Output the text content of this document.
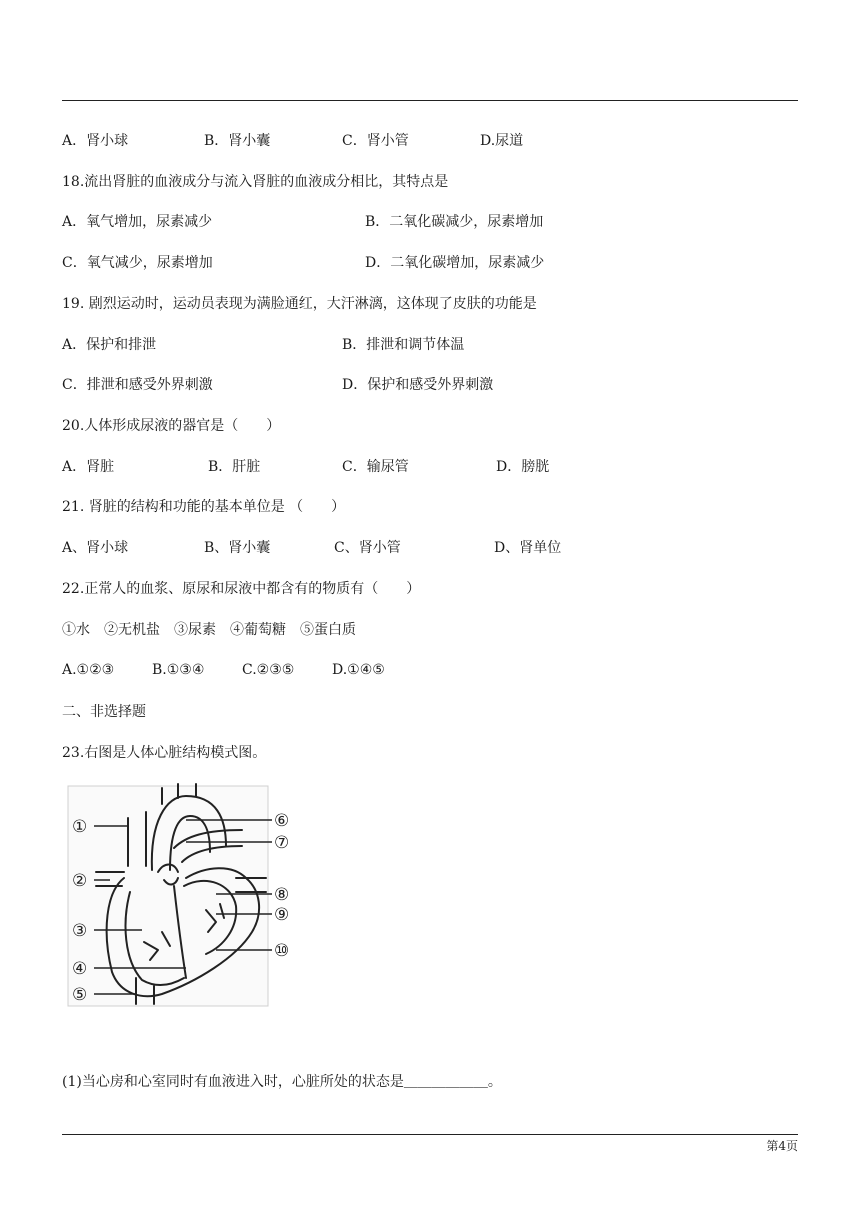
A．肾小球	B．肾小囊	C．肾小管	D.尿道
18.流出肾脏的血液成分与流入肾脏的血液成分相比，其特点是
A．氧气增加，尿素减少	B．二氧化碳减少，尿素增加
C．氧气减少，尿素增加	D．二氧化碳增加，尿素减少
19. 剧烈运动时，运动员表现为满脸通红，大汗淋漓，这体现了皮肤的功能是
A．保护和排泄	B．排泄和调节体温
C．排泄和感受外界刺激	D．保护和感受外界刺激
20.人体形成尿液的器官是（　　）
A．肾脏	B．肝脏	C．输尿管	D．膀胱
21. 肾脏的结构和功能的基本单位是 （　　）
A、肾小球	B、肾小囊	C、肾小管	D、肾单位
22.正常人的血浆、原尿和尿液中都含有的物质有（　　）
①水　②无机盐　③尿素　④葡萄糖　⑤蛋白质
A.①②③	B.①③④	C.②③⑤	D.①④⑤
二、非选择题
23.右图是人体心脏结构模式图。
①
②
③
④
⑤
⑥
⑦
⑧
⑨
⑩
(1)当心房和心室同时有血液进入时，心脏所处的状态是＿＿＿＿＿＿。
第4页
